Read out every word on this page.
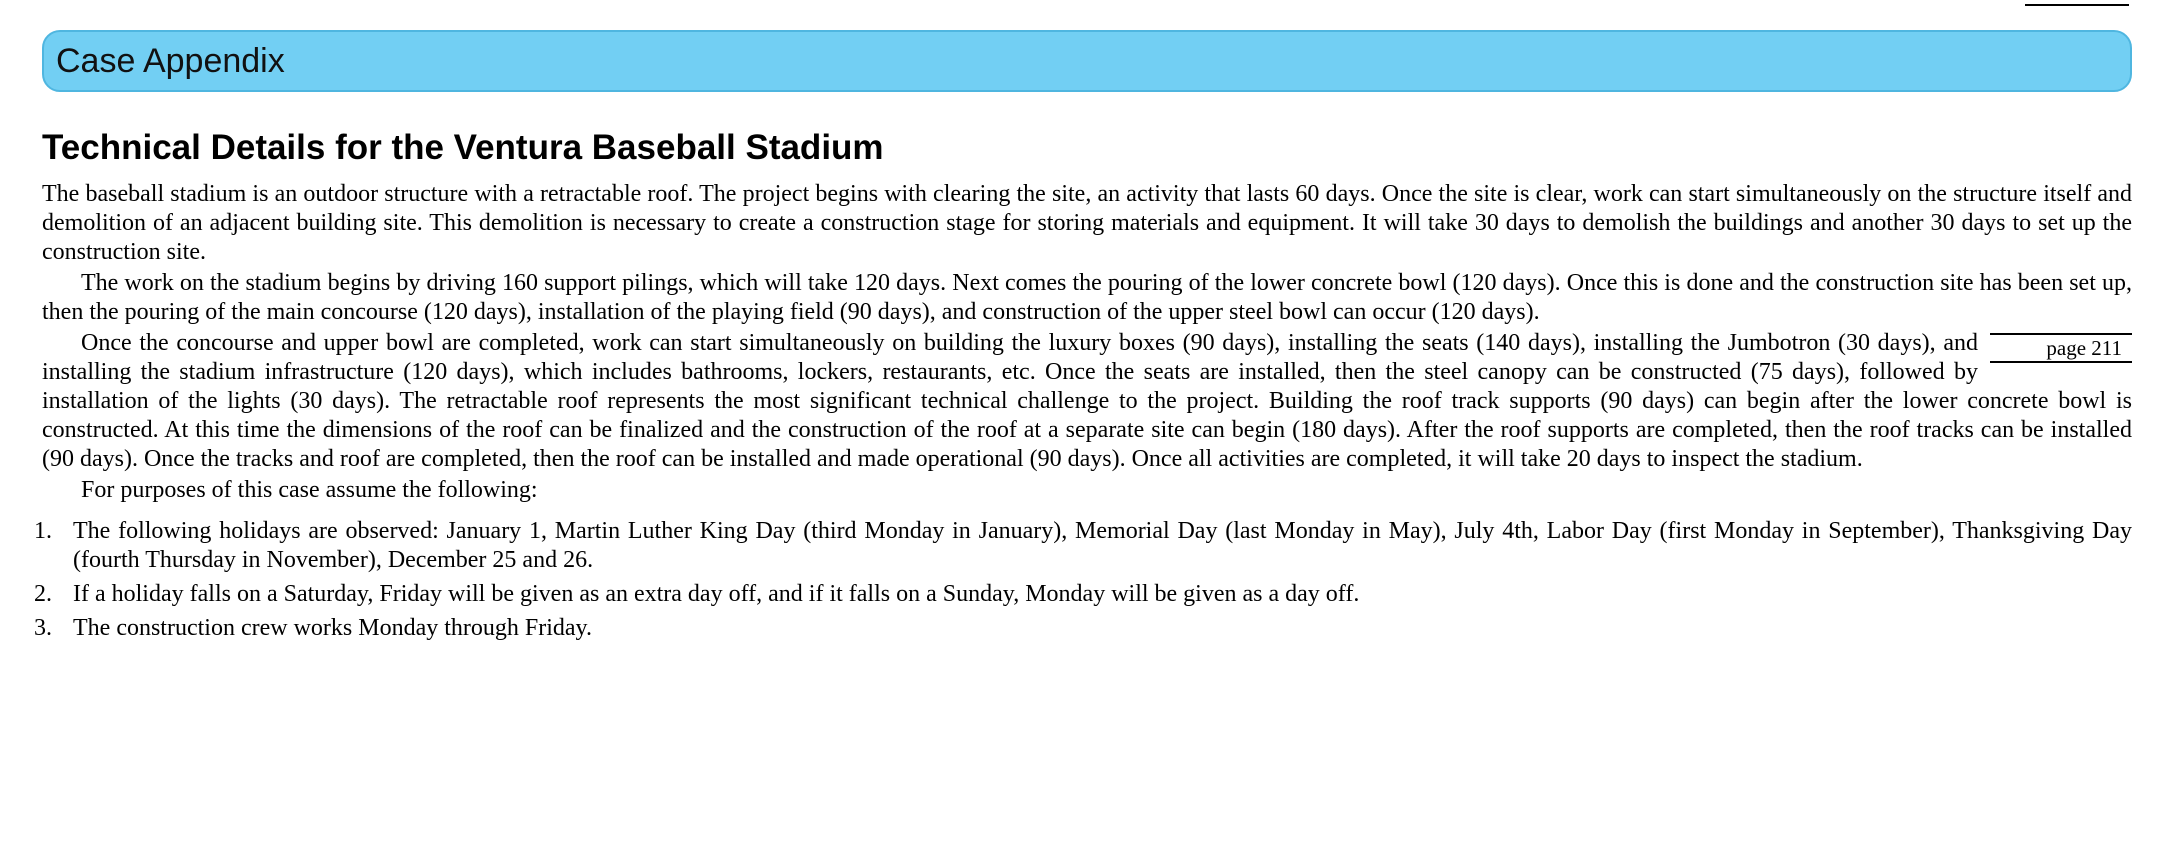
Case Appendix
Technical Details for the Ventura Baseball Stadium

The baseball stadium is an outdoor structure with a retractable roof. The project begins with clearing the site, an activity that lasts 60 days. Once the site is clear, work can start simultaneously on the structure itself and demolition of an adjacent building site. This demolition is necessary to create a construction stage for storing materials and equipment. It will take 30 days to demolish the buildings and another 30 days to set up the construction site.

The work on the stadium begins by driving 160 support pilings, which will take 120 days. Next comes the pouring of the lower concrete bowl (120 days). Once this is done and the construction site has been set up, then the pouring of the main concourse (120 days), installation of the playing field (90 days), and construction of the upper steel bowl can occur (120 days).

page 211
Once the concourse and upper bowl are completed, work can start simultaneously on building the luxury boxes (90 days), installing the seats (140 days), installing the Jumbotron (30 days), and installing the stadium infrastructure (120 days), which includes bathrooms, lockers, restaurants, etc. Once the seats are installed, then the steel canopy can be constructed (75 days), followed by installation of the lights (30 days). The retractable roof represents the most significant technical challenge to the project. Building the roof track supports (90 days) can begin after the lower concrete bowl is constructed. At this time the dimensions of the roof can be finalized and the construction of the roof at a separate site can begin (180 days). After the roof supports are completed, then the roof tracks can be installed (90 days). Once the tracks and roof are completed, then the roof can be installed and made operational (90 days). Once all activities are completed, it will take 20 days to inspect the stadium.

For purposes of this case assume the following:

1. The following holidays are observed: January 1, Martin Luther King Day (third Monday in January), Memorial Day (last Monday in May), July 4th, Labor Day (first Monday in September), Thanksgiving Day (fourth Thursday in November), December 25 and 26.
2. If a holiday falls on a Saturday, Friday will be given as an extra day off, and if it falls on a Sunday, Monday will be given as a day off.
3. The construction crew works Monday through Friday.
